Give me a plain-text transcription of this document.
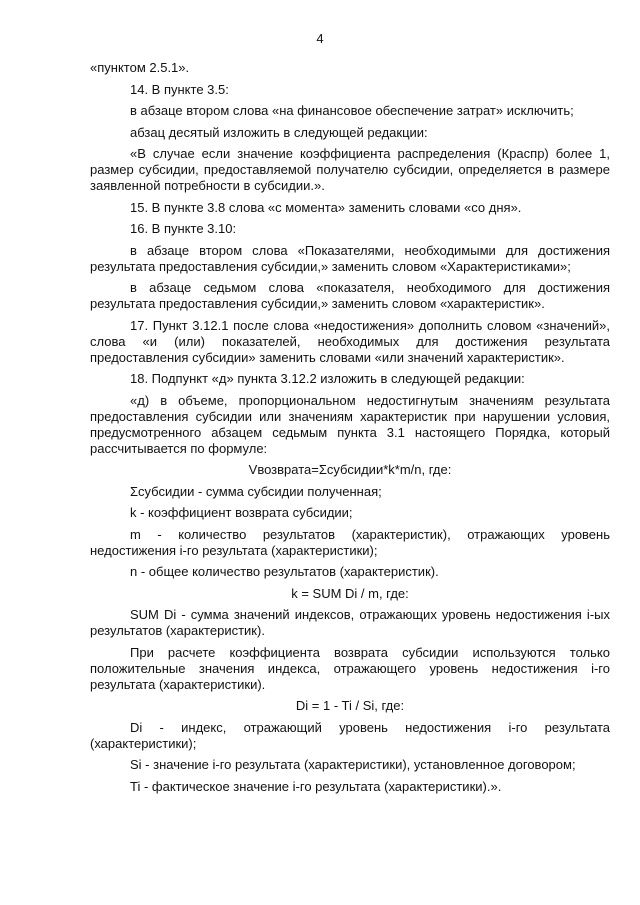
4

«пунктом 2.5.1».

14. В пункте 3.5:

в абзаце втором слова «на финансовое обеспечение затрат» исключить;

абзац десятый изложить в следующей редакции:

«В случае если значение коэффициента распределения (Краспр) более 1, размер субсидии, предоставляемой получателю субсидии, определяется в размере заявленной потребности в субсидии.».

15. В пункте 3.8 слова «с момента» заменить словами «со дня».

16. В пункте 3.10:

в абзаце втором слова «Показателями, необходимыми для достижения результата предоставления субсидии,» заменить словом «Характеристиками»;

в абзаце седьмом слова «показателя, необходимого для достижения результата предоставления субсидии,» заменить словом «характеристик».

17. Пункт 3.12.1 после слова «недостижения» дополнить словом «значений», слова «и (или) показателей, необходимых для достижения результата предоставления субсидии» заменить словами «или значений характеристик».

18. Подпункт «д» пункта 3.12.2 изложить в следующей редакции:

«д) в объеме, пропорциональном недостигнутым значениям результата предоставления субсидии или значениям характеристик при нарушении условия, предусмотренного абзацем седьмым пункта 3.1 настоящего Порядка, который рассчитывается по формуле:

Vвозврата=Σсубсидии*k*m/n, где:

Σсубсидии - сумма субсидии полученная;

k - коэффициент возврата субсидии;

m - количество результатов (характеристик), отражающих уровень недостижения i-го результата (характеристики);

n - общее количество результатов (характеристик).

k = SUM Di / m, где:

SUM Di - сумма значений индексов, отражающих уровень недостижения i-ых результатов (характеристик).

При расчете коэффициента возврата субсидии используются только положительные значения индекса, отражающего уровень недостижения i-го результата (характеристики).

Di = 1 - Ti / Si, где:

Di - индекс, отражающий уровень недостижения i-го результата (характеристики);

Si - значение i-го результата (характеристики), установленное договором;

Ti - фактическое значение i-го результата (характеристики).».
